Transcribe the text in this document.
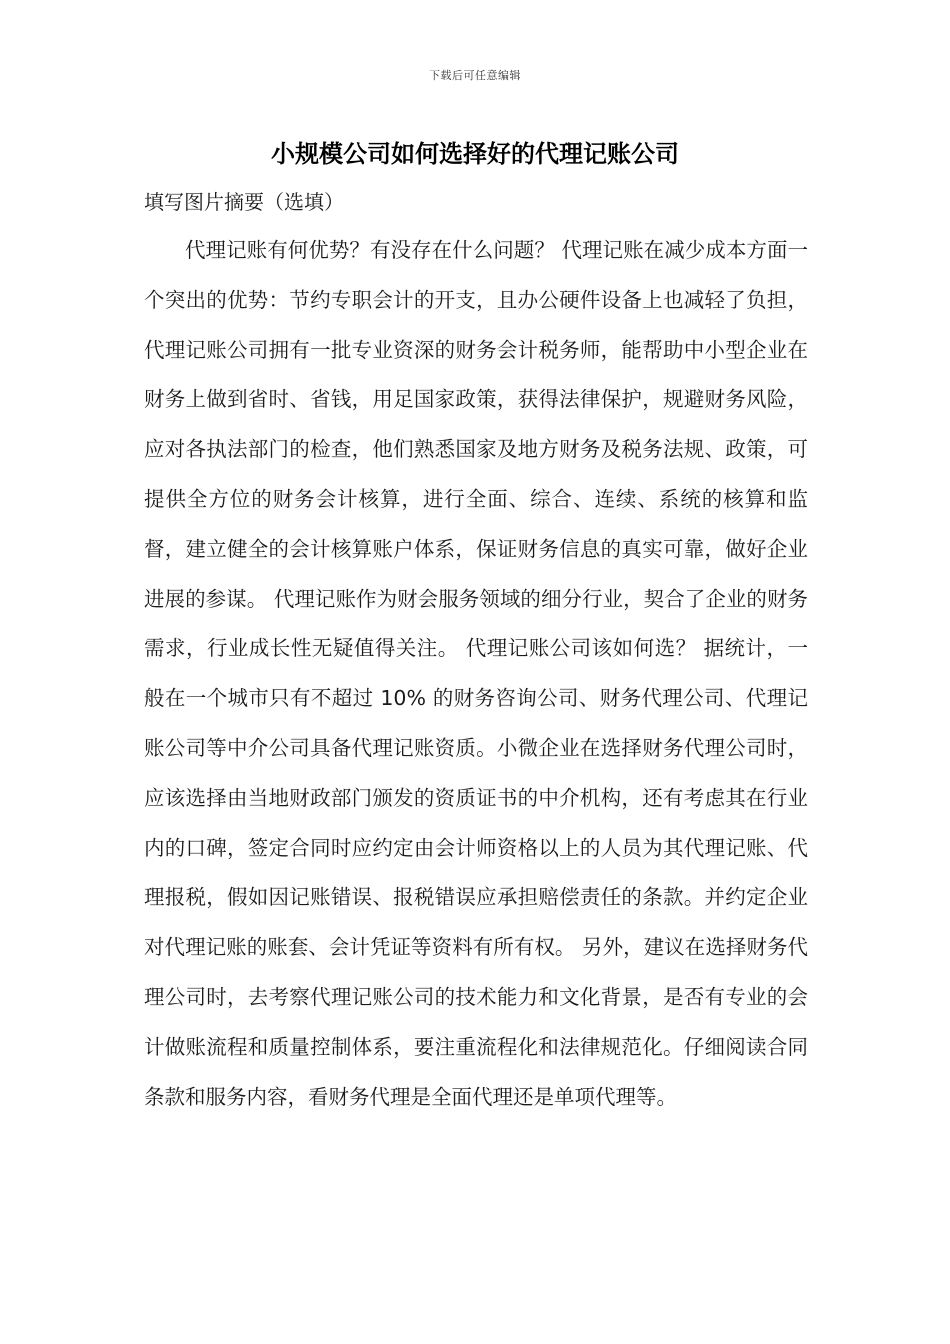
下载后可任意编辑
小规模公司如何选择好的代理记账公司

填写图片摘要（选填）

代理记账有何优势？有没存在什么问题？ 代理记账在减少成本方面一个突出的优势：节约专职会计的开支，且办公硬件设备上也减轻了负担，代理记账公司拥有一批专业资深的财务会计税务师，能帮助中小型企业在财务上做到省时、省钱，用足国家政策，获得法律保护，规避财务风险，应对各执法部门的检查，他们熟悉国家及地方财务及税务法规、政策，可提供全方位的财务会计核算，进行全面、综合、连续、系统的核算和监督，建立健全的会计核算账户体系，保证财务信息的真实可靠，做好企业进展的参谋。 代理记账作为财会服务领域的细分行业，契合了企业的财务需求，行业成长性无疑值得关注。 代理记账公司该如何选？ 据统计，一般在一个城市只有不超过 10% 的财务咨询公司、财务代理公司、代理记账公司等中介公司具备代理记账资质。小微企业在选择财务代理公司时，应该选择由当地财政部门颁发的资质证书的中介机构，还有考虑其在行业内的口碑，签定合同时应约定由会计师资格以上的人员为其代理记账、代理报税，假如因记账错误、报税错误应承担赔偿责任的条款。并约定企业对代理记账的账套、会计凭证等资料有所有权。 另外，建议在选择财务代理公司时，去考察代理记账公司的技术能力和文化背景，是否有专业的会计做账流程和质量控制体系，要注重流程化和法律规范化。仔细阅读合同条款和服务内容，看财务代理是全面代理还是单项代理等。
